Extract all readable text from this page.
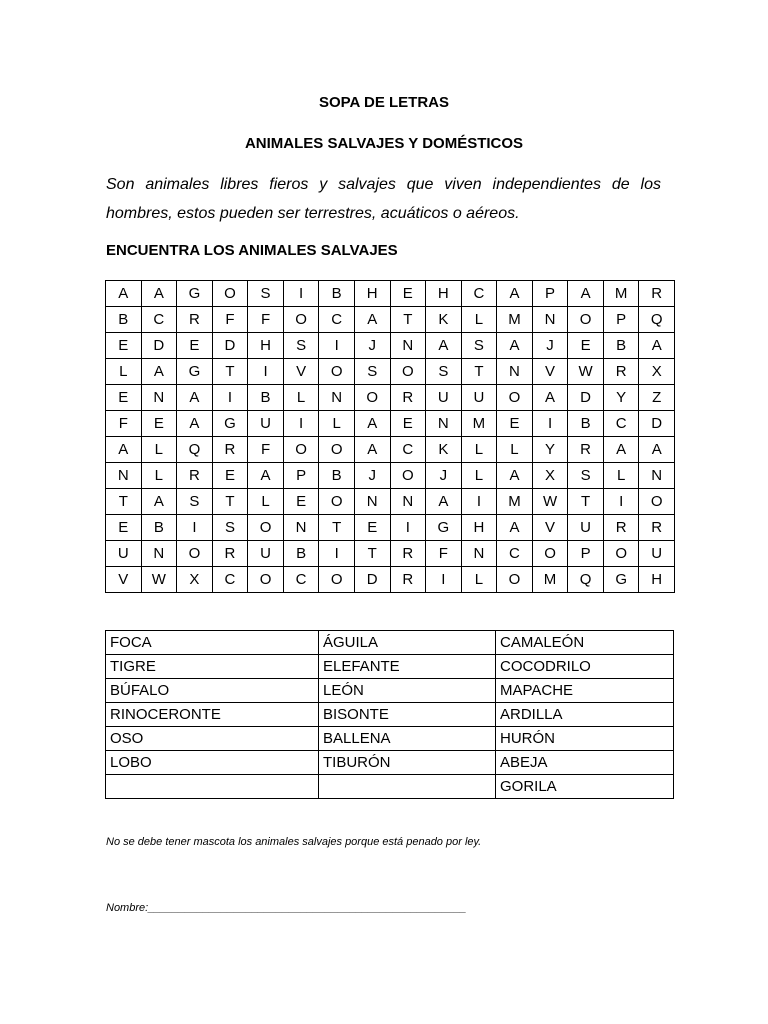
SOPA DE LETRAS
ANIMALES SALVAJES Y DOMÉSTICOS
Son animales libres fieros y salvajes que viven independientes de los hombres, estos pueden ser terrestres, acuáticos o aéreos.
ENCUENTRA LOS ANIMALES SALVAJES
A	A	G	O	S	I	B	H	E	H	C	A	P	A	M	R
B	C	R	F	F	O	C	A	T	K	L	M	N	O	P	Q
E	D	E	D	H	S	I	J	N	A	S	A	J	E	B	A
L	A	G	T	I	V	O	S	O	S	T	N	V	W	R	X
E	N	A	I	B	L	N	O	R	U	U	O	A	D	Y	Z
F	E	A	G	U	I	L	A	E	N	M	E	I	B	C	D
A	L	Q	R	F	O	O	A	C	K	L	L	Y	R	A	A
N	L	R	E	A	P	B	J	O	J	L	A	X	S	L	N
T	A	S	T	L	E	O	N	N	A	I	M	W	T	I	O
E	B	I	S	O	N	T	E	I	G	H	A	V	U	R	R
U	N	O	R	U	B	I	T	R	F	N	C	O	P	O	U
V	W	X	C	O	C	O	D	R	I	L	O	M	Q	G	H
FOCA	ÁGUILA	CAMALEÓN
TIGRE	ELEFANTE	COCODRILO
BÚFALO	LEÓN	MAPACHE
RINOCERONTE	BISONTE	ARDILLA
OSO	BALLENA	HURÓN
LOBO	TIBURÓN	ABEJA
		GORILA
No se debe tener mascota los animales salvajes porque está penado por ley.
Nombre:____________________________________________________
